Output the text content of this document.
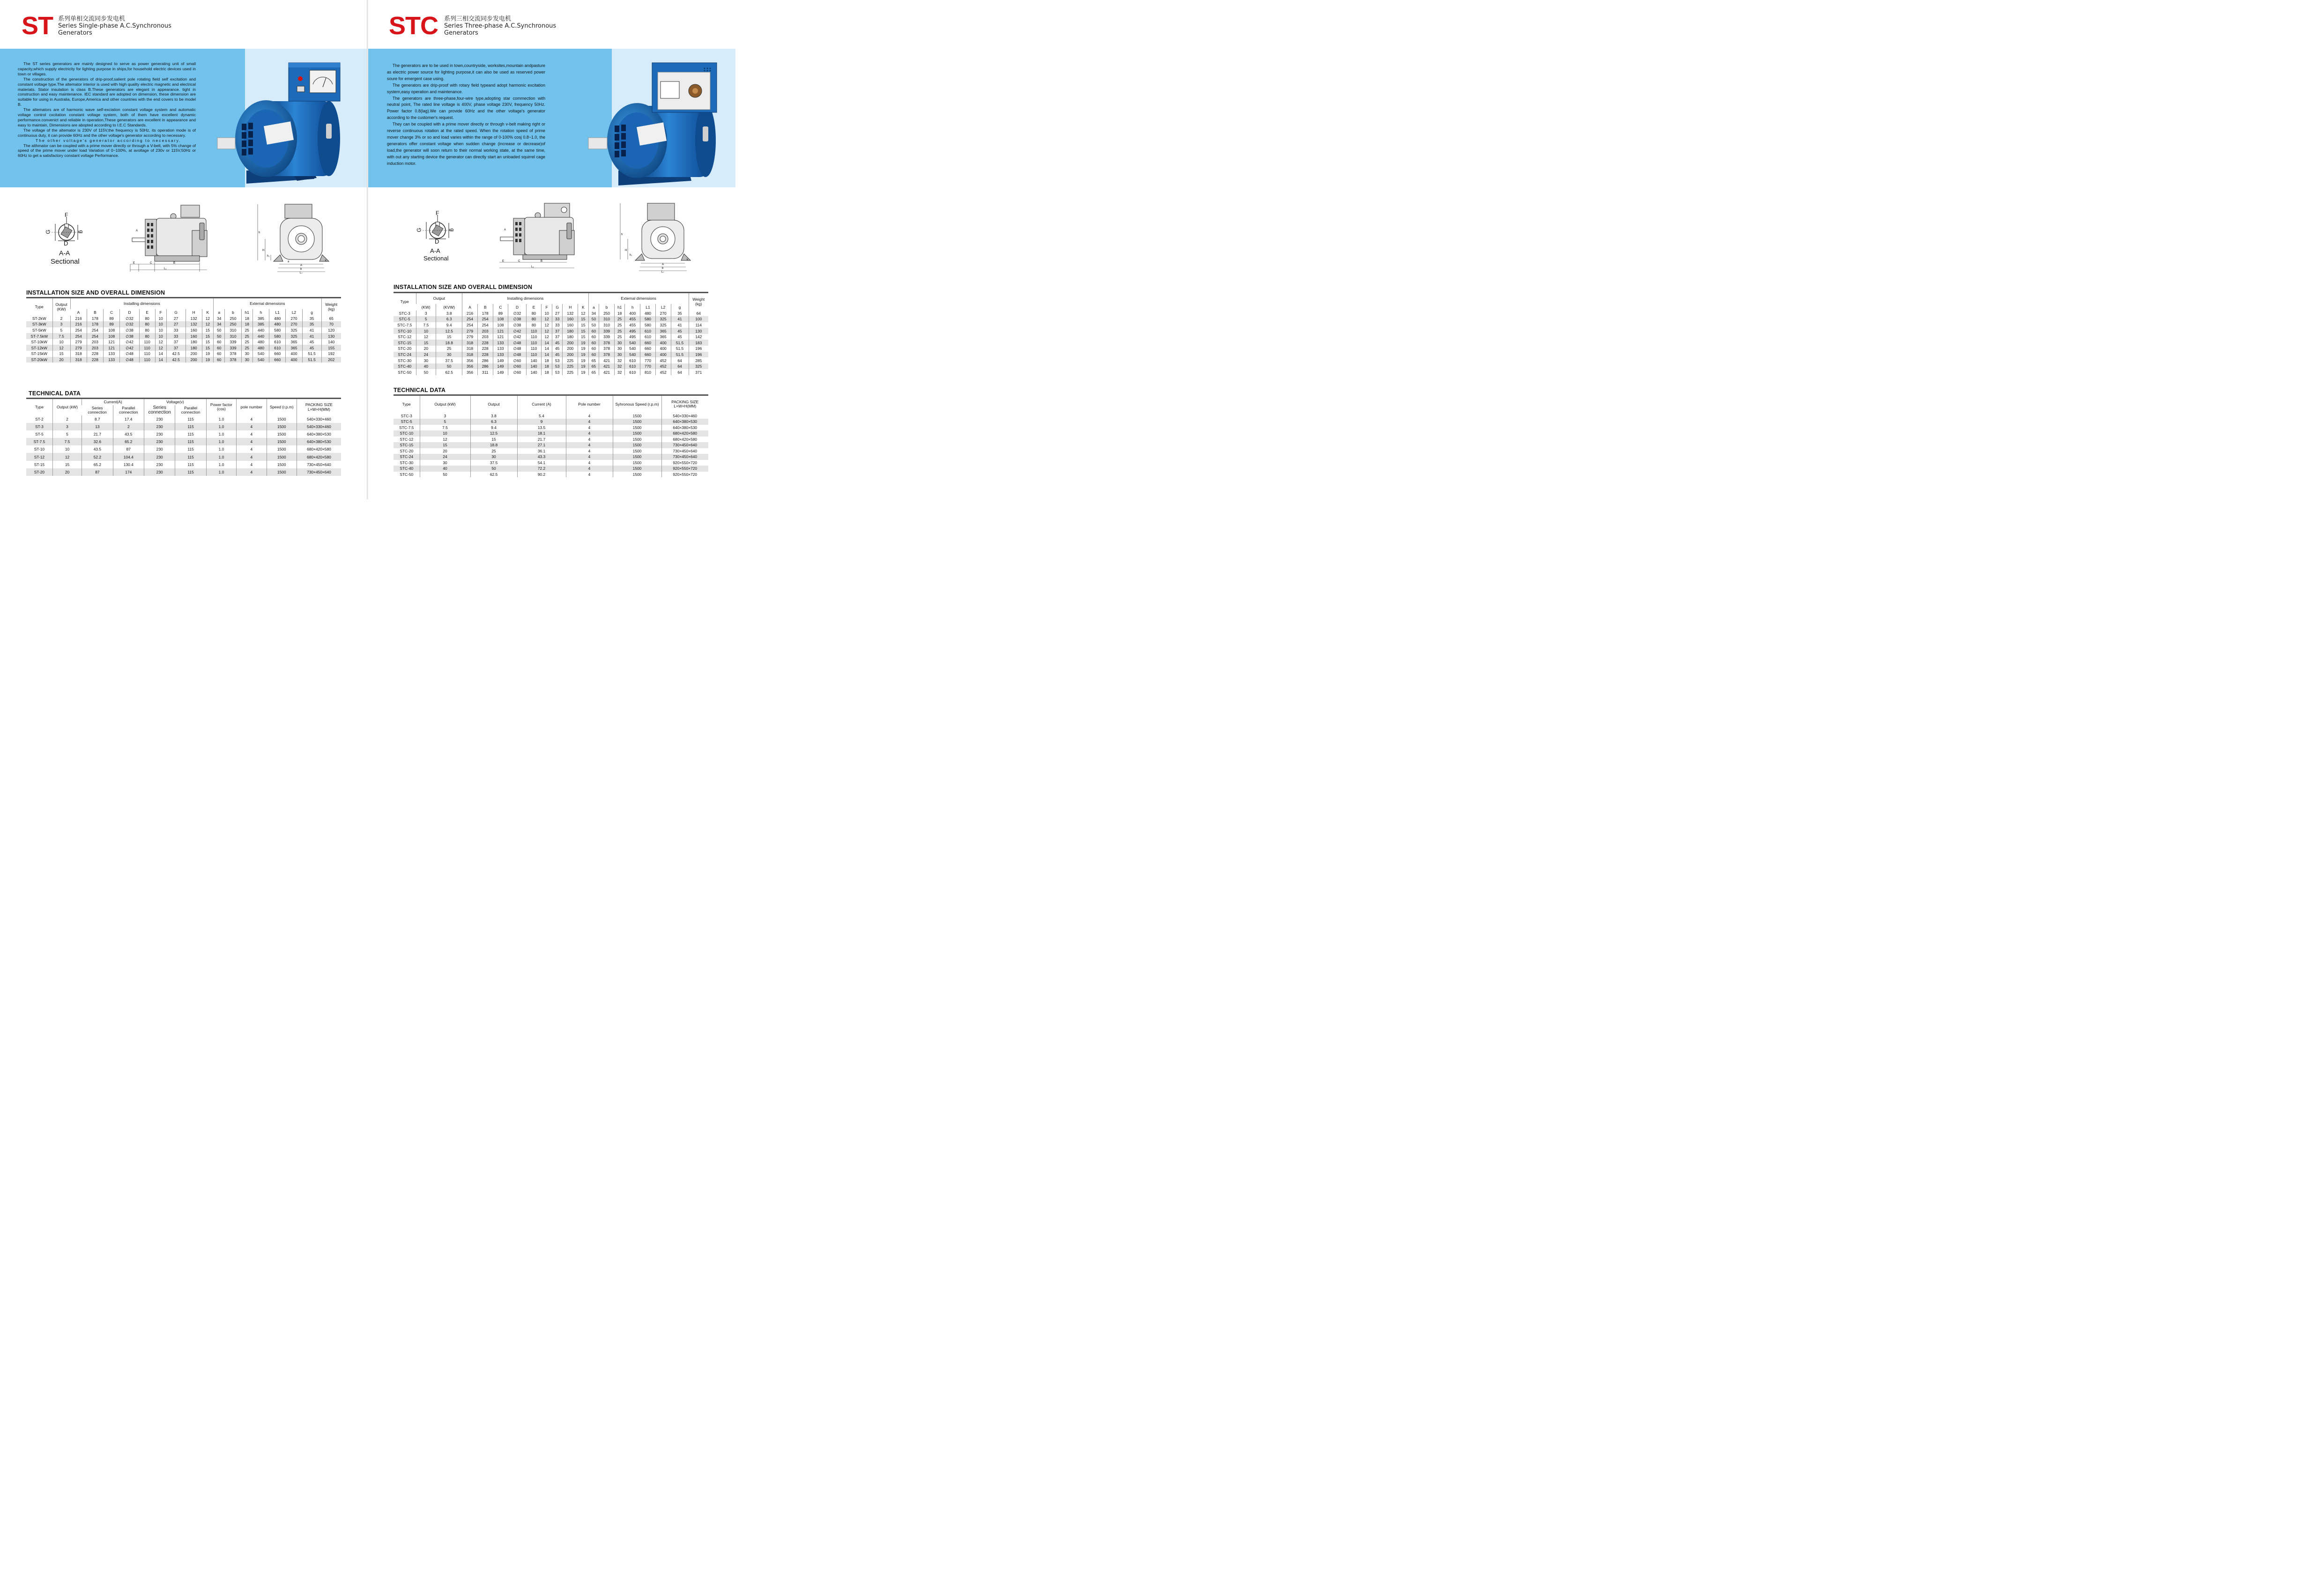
ST 系列单相交流同步发电机
Series Single-phase A.C.Synchronous
Generators

The ST series generators are mainly designed to serve as power generating unit of small capacity,which supply electricity for lighting purpose in ships,for household electric devices used in town or villages.

The construction of the generators of drip-proof,salient pole rotating field self excitation and constant voltage type.The altemator interior is used with high quality electric magnetic and electrical materiats. Stator insulation is class B.These generators are elegant in appearance. tight in construction and easy maintenance. IEC standard are adopted on dimension, these dimension are suitable for using in Australia, Europe,America and other countries with the end covers to be model B.

The altemators are of harmonic wave self-exciation constant voltage system and automatic voltage control cxcitation constant voltage system, both of them have excellent dynamic performance.convenict and reliable in operation,These generators are excellent in appearance and easy to maintain, Dimensions are abopted according to I.E.C Standards.

The voltage of the altemator is 230V of 115V,the frequency is 50Hz, its operation mode is of continuous duty, it can provide 60Hz and the other voltage's generator according to necessary.

The other voltage's generator according to necessary.

The althmator can be coupled with a prime mover directly or through a V-belt, with 5% change of speed of the prime mover under load Variation of 0~100%, at avoltage of 230v or 115V,50Hz or 60Hz to get a satisfactory constant voltage Performance.

F
G	g
D
A-A
Sectional	E	C	B
L₁
A
h
H
h₁
a	k
A
b
L₂
INSTALLATION SIZE AND OVERALL DIMENSION
Type	Output (KW)	Installing dimensions									External dimensions							Weight (kg)
		A	B	C	D	E	F	G	H	K	a	b	h1	h	L1	L2	g	
ST-2kW	2	216	178	89	∅32	80	10	27	132	12	34	250	18	385	480	270	35	65
ST-3kW	3	216	178	89	∅32	80	10	27	132	12	34	250	18	385	480	270	35	70
ST-5kW	5	254	254	108	∅38	80	10	33	160	15	50	310	25	440	580	325	41	120
ST-7.5kW	7.5	254	254	108	∅38	80	10	33	160	15	50	310	25	440	580	325	41	130
ST-10kW	10	279	203	121	∅42	110	12	37	180	15	60	339	25	480	610	365	45	140
ST-12kW	12	279	203	121	∅42	110	12	37	180	15	60	339	25	480	610	365	45	155
ST-15kW	15	318	228	133	∅48	110	14	42.5	200	19	60	378	30	540	660	400	51.5	192
ST-20kW	20	318	228	133	∅48	110	14	42.5	200	19	60	378	30	540	660	400	51.5	202
TECHNICAL DATA
Type	Output (kW)	Current(A)		Voltage(v)		Power factor (cos)	pole number	Speed (r.p.m)	PACKING SIZE L×W×H(MM)
		Series connection	Parallel connection	Series connection	Parallel connection				
ST-2	2	8.7	17.4	230	115	1.0	4	1500	540×330×460
ST-3	3	13	2	230	115	1.0	4	1500	540×330×460
ST-5	5	21.7	43.5	230	115	1.0	4	1500	640×380×530
ST-7.5	7.5	32.6	65.2	230	115	1.0	4	1500	640×380×530
ST-10	10	43.5	87	230	115	1.0	4	1500	680×420×580
ST-12	12	52.2	104.4	230	115	1.0	4	1500	680×420×580
ST-15	15	65.2	130.4	230	115	1.0	4	1500	730×450×640
ST-20	20	87	174	230	115	1.0	4	1500	730×450×640
STC 系列三相交流同步发电机
Series Three-phase A.C.Synchronous
Generators

The generators are to be used in town,countryside, worksites,mountain andpasture as electric power source for lighting purpose,it can also be used as reserved power soure for emergent case using.

The generators are drip-proof with rotary field typeand adopt harmonic excitation system,easy operation and maintenance.

The generators are three-phase,four-wire type,adopting star commection with neutral point, The rated line voltage is 400V, phase voltage 230V, frequency 50Hz. Power factor 0.8(lag).We can provide 60Hz and the other voltage's generator according to the customer's request.

They can be coupled with a prime mover directly or through v-belt making right or reverse continuous rotation at the rated speed. When the rotation speed of prime mover change 3% or so and load varies within the range of 0-100% cosj 0.8~1.0, the generators offer constant voltage when sudden change (increase or decrease)of load,the generator will soon return to their normal working state, at the same time, with out any starting device the generator can directly start an unloaded squirrel cage induction motor.

F
G	g
D
A-A
Sectional	E	C	B
L₁
A
h
H
h₁
k
A
b
L₂
INSTALLATION SIZE AND OVERALL DIMENSION
Type	Output		Installing dimensions									External dimensions							Weight (kg)
	(KW)	(KVW)	A	B	C	D	E	F	G	H	K	a	b	h1	h	L1	L2	g	
STC-3	3	3.8	216	178	89	∅32	80	10	27	132	12	34	250	18	400	480	270	35	64
STC-5	5	6.3	254	254	108	∅38	80	12	33	160	15	50	310	25	455	580	325	41	100
STC-7.5	7.5	9.4	254	254	108	∅38	80	12	33	160	15	50	310	25	455	580	325	41	114
STC-10	10	12.5	279	203	121	∅42	110	12	37	180	15	60	339	25	495	610	365	45	130
STC-12	12	15	279	203	121	∅42	110	12	37	180	15	60	339	25	495	610	365	45	142
STC-15	15	18.8	318	228	133	∅48	110	14	45	200	19	60	378	30	540	660	400	51.5	183
STC-20	20	25	318	228	133	∅48	110	14	45	200	19	60	378	30	540	660	400	51.5	196
STC-24	24	30	318	228	133	∅48	110	14	45	200	19	60	378	30	540	660	400	51.5	196
STC-30	30	37.5	356	286	149	∅60	140	18	53	225	19	65	421	32	610	770	452	64	285
STC-40	40	50	356	286	149	∅60	140	18	53	225	19	65	421	32	610	770	452	64	325
STC-50	50	62.5	356	311	149	∅60	140	18	53	225	19	65	421	32	610	810	452	64	371
TECHNICAL DATA
Type	Output (kW)	Output	Current (A)	Pole number	Syhronous Speed (r.p.m)	PACKING SIZE L×W×H(MM)
STC-3	3	3.8	5.4	4	1500	540×330×460
STC-5	5	6.3	9	4	1500	640×380×530
STC-7.5	7.5	9.4	13.5	4	1500	640×380×530
STC-10	10	12.5	18.1	4	1500	680×420×580
STC-12	12	15	21.7	4	1500	680×420×580
STC-15	15	18.8	27.1	4	1500	730×450×640
STC-20	20	25	36.1	4	1500	730×450×640
STC-24	24	30	43.3	4	1500	730×450×640
STC-30	30	37.5	54.1	4	1500	920×550×720
STC-40	40	50	72.2	4	1500	920×550×720
STC-50	50	62.5	90.2	4	1500	920×550×720
